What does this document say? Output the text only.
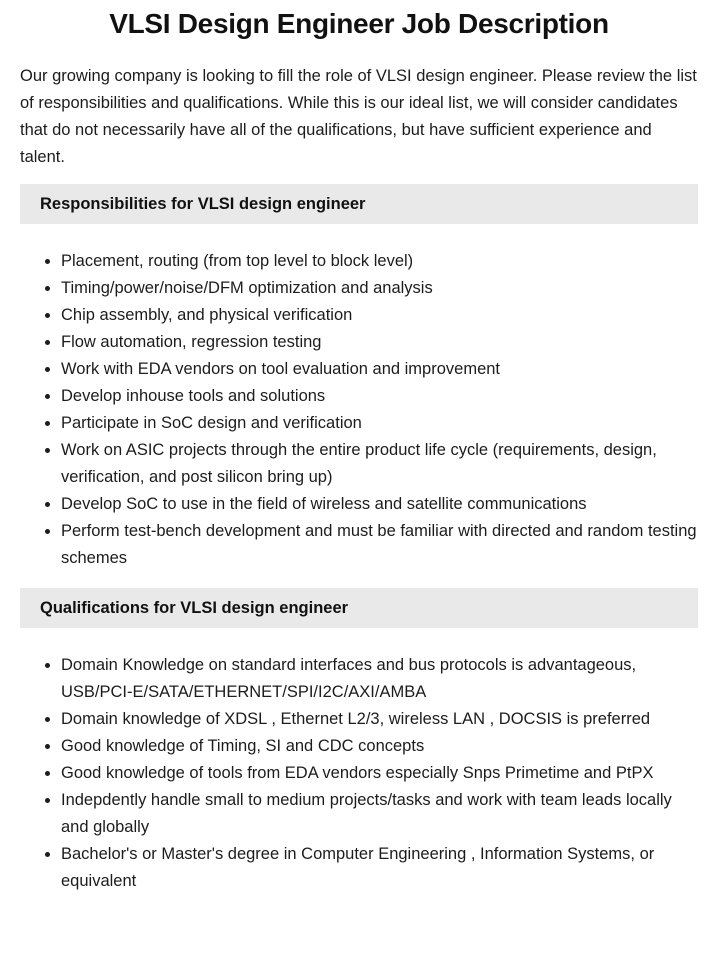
VLSI Design Engineer Job Description

Our growing company is looking to fill the role of VLSI design engineer. Please review the list of responsibilities and qualifications. While this is our ideal list, we will consider candidates that do not necessarily have all of the qualifications, but have sufficient experience and talent.

Responsibilities for VLSI design engineer
Placement, routing (from top level to block level)
Timing/power/noise/DFM optimization and analysis
Chip assembly, and physical verification
Flow automation, regression testing
Work with EDA vendors on tool evaluation and improvement
Develop inhouse tools and solutions
Participate in SoC design and verification
Work on ASIC projects through the entire product life cycle (requirements, design, verification, and post silicon bring up)
Develop SoC to use in the field of wireless and satellite communications
Perform test-bench development and must be familiar with directed and random testing schemes
Qualifications for VLSI design engineer
Domain Knowledge on standard interfaces and bus protocols is advantageous, USB/PCI-E/SATA/ETHERNET/SPI/I2C/AXI/AMBA
Domain knowledge of XDSL , Ethernet L2/3, wireless LAN , DOCSIS is preferred
Good knowledge of Timing, SI and CDC concepts
Good knowledge of tools from EDA vendors especially Snps Primetime and PtPX
Indepdently handle small to medium projects/tasks and work with team leads locally and globally
Bachelor's or Master's degree in Computer Engineering , Information Systems, or equivalent
